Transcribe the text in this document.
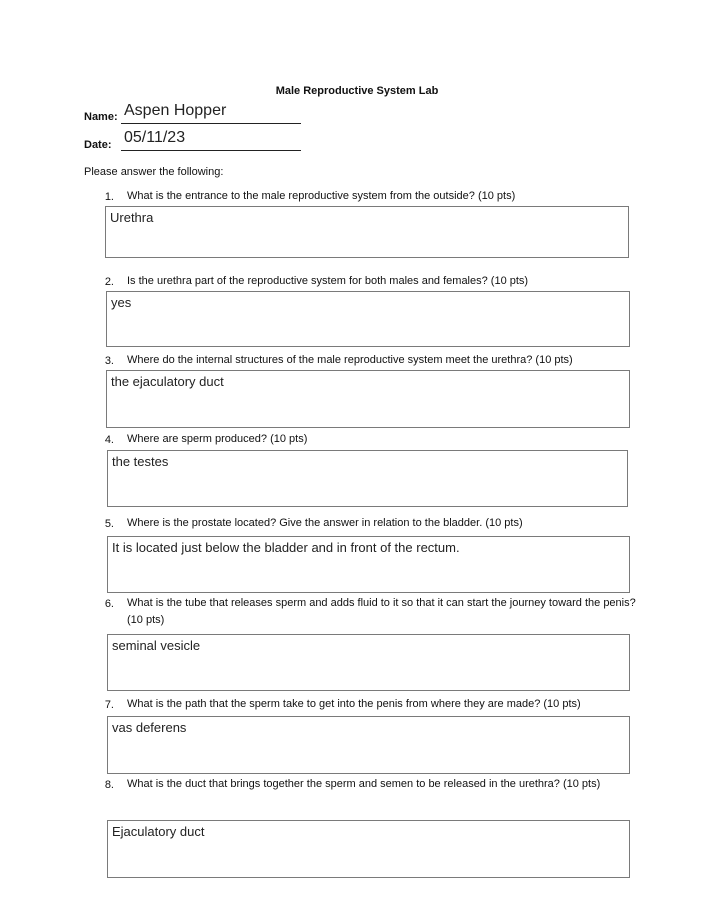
Male Reproductive System Lab
Name: Aspen Hopper
Date: 05/11/23
Please answer the following:
1. What is the entrance to the male reproductive system from the outside? (10 pts)
Urethra
2. Is the urethra part of the reproductive system for both males and females? (10 pts)
yes
3. Where do the internal structures of the male reproductive system meet the urethra? (10 pts)
the ejaculatory duct
4. Where are sperm produced? (10 pts)
the testes
5. Where is the prostate located? Give the answer in relation to the bladder. (10 pts)
It is located just below the bladder and in front of the rectum.
6. What is the tube that releases sperm and adds fluid to it so that it can start the journey toward the penis? (10 pts)
seminal vesicle
7. What is the path that the sperm take to get into the penis from where they are made? (10 pts)
vas deferens
8. What is the duct that brings together the sperm and semen to be released in the urethra? (10 pts)
Ejaculatory duct
